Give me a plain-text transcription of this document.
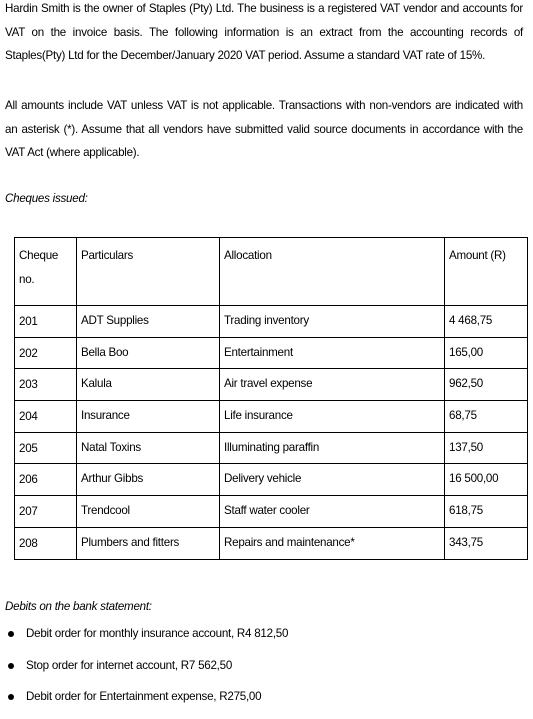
Hardin Smith is the owner of Staples (Pty) Ltd. The business is a registered VAT vendor and accounts for VAT on the invoice basis. The following information is an extract from the accounting records of Staples(Pty) Ltd for the December/January 2020 VAT period. Assume a standard VAT rate of 15%.

All amounts include VAT unless VAT is not applicable. Transactions with non-vendors are indicated with an asterisk (*). Assume that all vendors have submitted valid source documents in accordance with the VAT Act (where applicable).

Cheques issued:

Cheque no.	Particulars	Allocation	Amount (R)
201	ADT Supplies	Trading inventory	4 468,75
202	Bella Boo	Entertainment	165,00
203	Kalula	Air travel expense	962,50
204	Insurance	Life insurance	68,75
205	Natal Toxins	Illuminating paraffin	137,50
206	Arthur Gibbs	Delivery vehicle	16 500,00
207	Trendcool	Staff water cooler	618,75
208	Plumbers and fitters	Repairs and maintenance*	343,75

Debits on the bank statement:

Debit order for monthly insurance account, R4 812,50
Stop order for internet account, R7 562,50
Debit order for Entertainment expense, R275,00
